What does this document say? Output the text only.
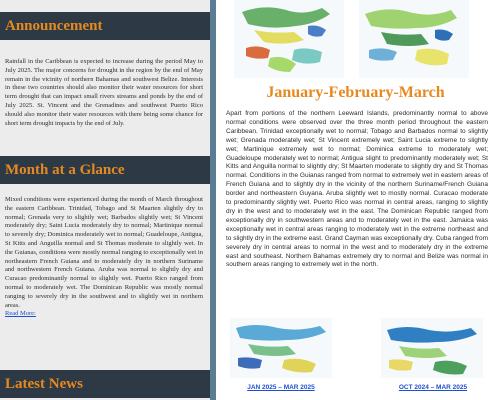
Announcement
Rainfall in the Caribbean is expected to increase during the period May to July 2025. The major concerns for drought in the region by the end of May remain in the vicinity of northern Bahamas and southwest Belize. Interests in these two countries should also monitor their water resources for short term drought that can impact small rivers streams and ponds by the end of July 2025. St. Vincent and the Grenadines and southwest Puerto Rico should also monitor their water resources with there being some chance for short term drought impacts by the end of July.
Month at a Glance
Mixed conditions were experienced during the month of March throughout the eastern Caribbean. Trinidad, Tobago and St Maarten slightly dry to normal; Grenada very to slightly wet; Barbados slightly wet; St Vincent moderately dry; Saint Lucia moderately dry to normal; Martinique normal to severely dry; Dominica moderately wet to normal; Guadeloupe, Antigua, St Kitts and Anguilla normal and St Thomas moderate to slightly wet. In the Guianas, conditions were mostly normal ranging to exceptionally wet in northeastern French Guiana and to moderately dry in northern Suriname and northwestern French Guiana. Aruba was normal to slightly dry and Curacao predominantly normal to slightly wet. Puerto Rico ranged from normal to moderately wet. The Dominican Republic was mostly normal ranging to severely dry in the southwest and to slightly wet in northern areas.
Read More:
Latest News
January-February-March
Apart from portions of the northern Leeward Islands, predominantly normal to above normal conditions were observed over the three month period throughout the eastern Caribbean. Trinidad exceptionally wet to normal; Tobago and Barbados normal to slightly wet; Grenada moderately wet; St Vincent extremely wet; Saint Lucia extreme to slightly wet; Martinique extremely wet to normal; Dominica extreme to moderately wet; Guadeloupe moderately wet to normal; Antigua slight to predominantly moderately wet; St Kitts and Anguilla normal to slightly dry; St Maarten moderate to slightly dry and St Thomas normal. Conditions in the Guianas ranged from normal to extremely wet in eastern areas of French Guiana and to slightly dry in the vicinity of the northern Suriname/French Guiana border and northeastern Guyana. Aruba slightly wet to mostly normal. Curacao moderate to predominantly slightly wet. Puerto Rico was normal in central areas, ranging to slightly dry in the west and to moderately wet in the east. The Dominican Republic ranged from exceptionally dry in southwestern areas and to moderately wet in the east. Jamaica was exceptionally wet in central areas ranging to moderately wet in the extreme northeast and to slightly dry in the extreme east. Grand Cayman was exceptionally dry. Cuba ranged from severely dry in central areas to normal in the west and to moderately dry in the extreme east and southeast. Northern Bahamas extremely dry to normal and Belize was normal in southern areas ranging to extremely wet in the north.
JAN 2025 – MAR 2025	OCT 2024 – MAR 2025
